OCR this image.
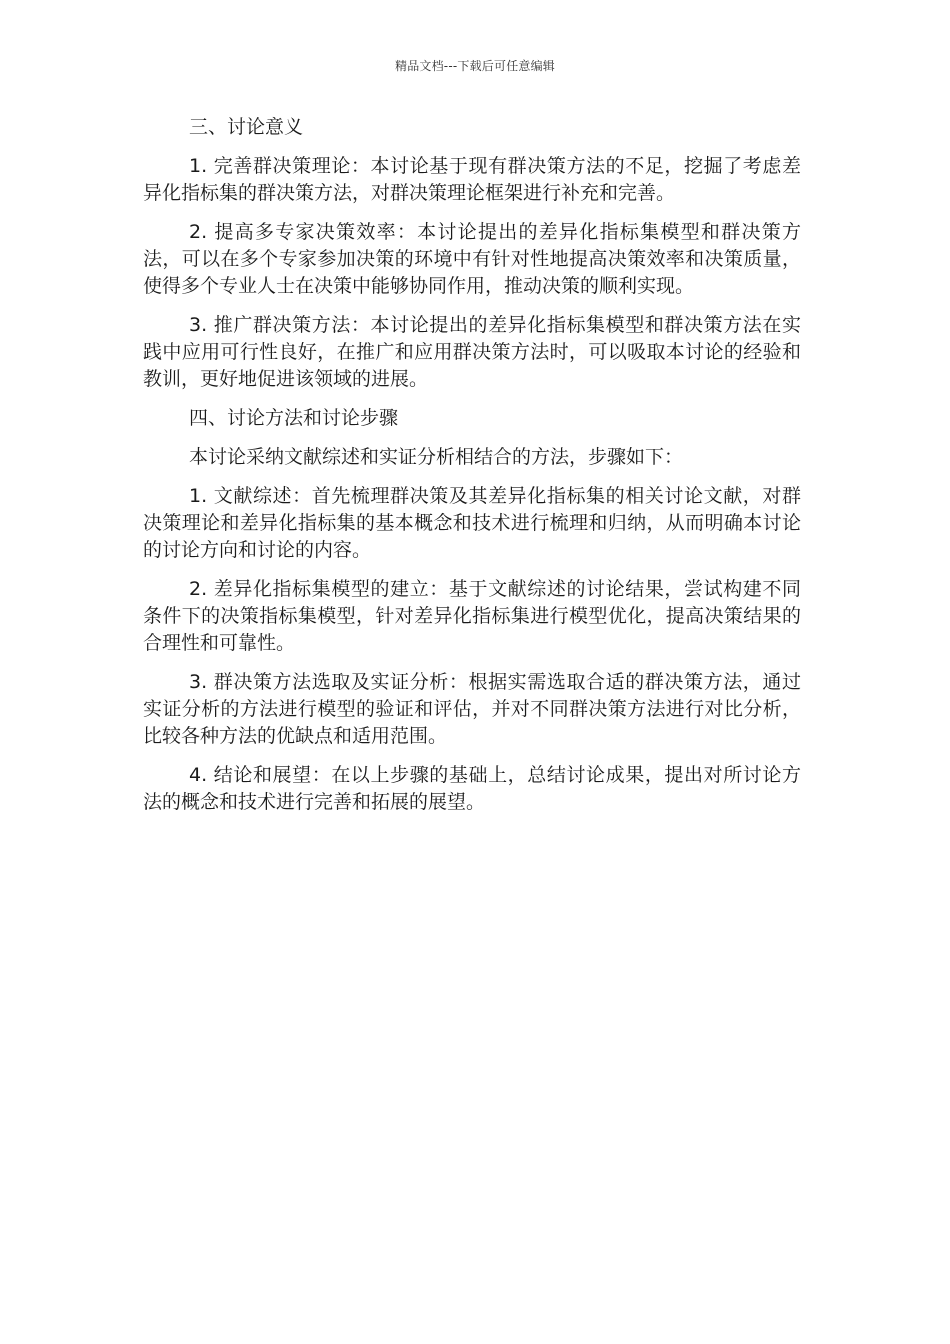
精品文档---下载后可任意编辑

三、讨论意义

1. 完善群决策理论：本讨论基于现有群决策方法的不足，挖掘了考虑差异化指标集的群决策方法，对群决策理论框架进行补充和完善。

2. 提高多专家决策效率：本讨论提出的差异化指标集模型和群决策方法，可以在多个专家参加决策的环境中有针对性地提高决策效率和决策质量，使得多个专业人士在决策中能够协同作用，推动决策的顺利实现。

3. 推广群决策方法：本讨论提出的差异化指标集模型和群决策方法在实践中应用可行性良好，在推广和应用群决策方法时，可以吸取本讨论的经验和教训，更好地促进该领域的进展。

四、讨论方法和讨论步骤

本讨论采纳文献综述和实证分析相结合的方法，步骤如下：

1. 文献综述：首先梳理群决策及其差异化指标集的相关讨论文献，对群决策理论和差异化指标集的基本概念和技术进行梳理和归纳，从而明确本讨论的讨论方向和讨论的内容。

2. 差异化指标集模型的建立：基于文献综述的讨论结果，尝试构建不同条件下的决策指标集模型，针对差异化指标集进行模型优化，提高决策结果的合理性和可靠性。

3. 群决策方法选取及实证分析：根据实需选取合适的群决策方法，通过实证分析的方法进行模型的验证和评估，并对不同群决策方法进行对比分析，比较各种方法的优缺点和适用范围。

4. 结论和展望：在以上步骤的基础上，总结讨论成果，提出对所讨论方法的概念和技术进行完善和拓展的展望。
